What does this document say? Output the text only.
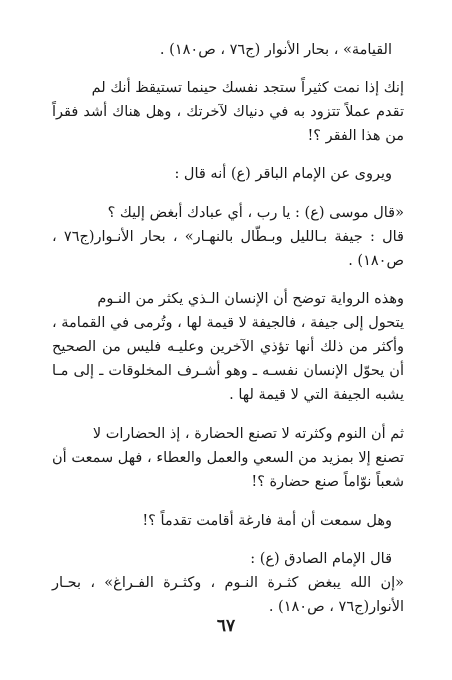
القيامة» ، بحار الأنوار (ج٧٦ ، ص١٨٠) .
إنك إذا نمت كثيراً ستجد نفسك حينما تستيقظ أنك لم
تقدم عملاً تتزود به في دنياك لآخرتك ، وهل هناك أشد فقراً
من هذا الفقر ؟!
ويروى عن الإمام الباقر (ع) أنه قال :
«قال موسى (ع) : يا رب ، أي عبادك أبغض إليك ؟
قال : جيفة بـالليل وبـطّال بالنهـار» ، بحار الأنـوار(ج٧٦ ،
ص١٨٠) .
وهذه الرواية توضح أن الإنسان الـذي يكثر من النـوم
يتحول إلى جيفة ، فالجيفة لا قيمة لها ، وتُرمى في القمامة ،
وأكثر من ذلك أنها تؤذي الآخرين وعليـه فليس من الصحيح
أن يحوّل الإنسان نفسـه ـ وهو أشـرف المخلوقات ـ إلى مـا
يشبه الجيفة التي لا قيمة لها .
ثم أن النوم وكثرته لا تصنع الحضارة ، إذ الحضارات لا
تصنع إلا بمزيد من السعي والعمل والعطاء ، فهل سمعت أن
شعباً نوّاماً صنع حضارة ؟!
وهل سمعت أن أمة فارغة أقامت تقدماً ؟!
قال الإمام الصادق (ع) :
«إن الله يبغض كثـرة النـوم ، وكثـرة الفـراغ» ، بحـار
الأنوار(ج٧٦ ، ص١٨٠) .
٦٧
